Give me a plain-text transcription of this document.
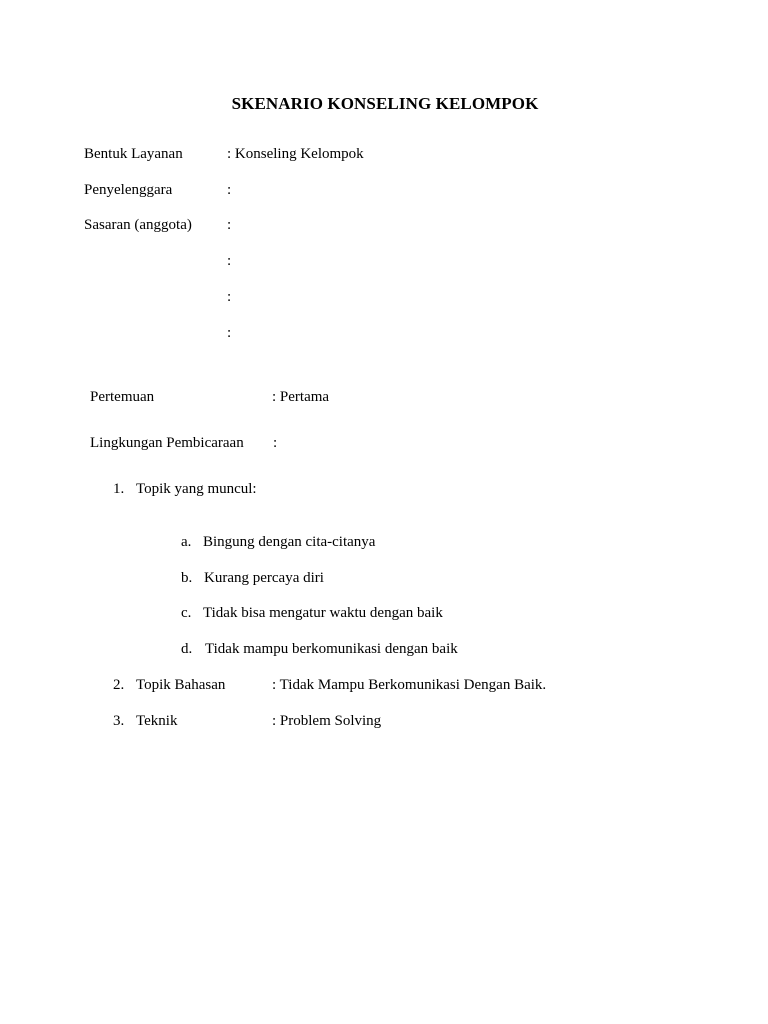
SKENARIO KONSELING KELOMPOK
Bentuk Layanan	: Konseling Kelompok
Penyelenggara	:
Sasaran (anggota) :
:
:
:
Pertemuan	: Pertama
Lingkungan Pembicaraan :
1. Topik yang muncul:
a. Bingung dengan cita-citanya
b. Kurang percaya diri
c. Tidak bisa mengatur waktu dengan baik
d. Tidak mampu berkomunikasi dengan baik
2. Topik Bahasan	: Tidak Mampu Berkomunikasi Dengan Baik.
3. Teknik	: Problem Solving
